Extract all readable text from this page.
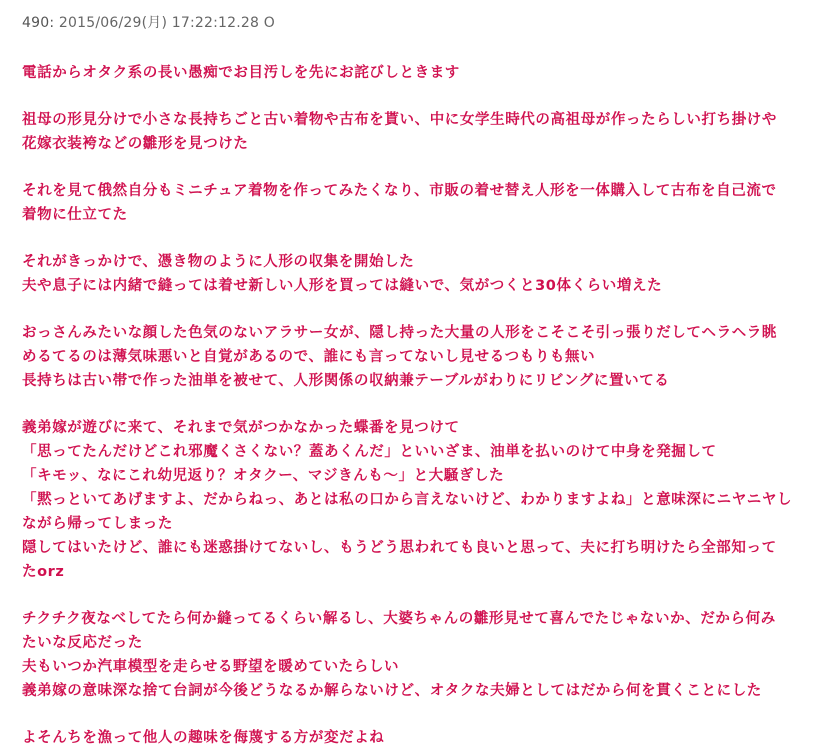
490: 2015/06/29(月) 17:22:12.28 O
電話からオタク系の長い愚痴でお目汚しを先にお詫びしときます
祖母の形見分けで小さな長持ちごと古い着物や古布を貰い、中に女学生時代の高祖母が作ったらしい打ち掛けや
花嫁衣装袴などの雛形を見つけた
それを見て俄然自分もミニチュア着物を作ってみたくなり、市販の着せ替え人形を一体購入して古布を自己流で
着物に仕立てた
それがきっかけで、憑き物のように人形の収集を開始した
夫や息子には内緒で縫っては着せ新しい人形を買っては縫いで、気がつくと30体くらい増えた
おっさんみたいな顔した色気のないアラサー女が、隠し持った大量の人形をこそこそ引っ張りだしてヘラヘラ眺
めるてるのは薄気味悪いと自覚があるので、誰にも言ってないし見せるつもりも無い
長持ちは古い帯で作った油単を被せて、人形関係の収納兼テーブルがわりにリビングに置いてる
義弟嫁が遊びに来て、それまで気がつかなかった蝶番を見つけて
「思ってたんだけどこれ邪魔くさくない？蓋あくんだ」といいざま、油単を払いのけて中身を発掘して
「キモッ、なにこれ幼児返り？オタクー、マジきんも～」と大騒ぎした
「黙っといてあげますよ、だからねっ、あとは私の口から言えないけど、わかりますよね」と意味深にニヤニヤし
ながら帰ってしまった
隠してはいたけど、誰にも迷惑掛けてないし、もうどう思われても良いと思って、夫に打ち明けたら全部知って
たorz
チクチク夜なべしてたら何か縫ってるくらい解るし、大婆ちゃんの雛形見せて喜んでたじゃないか、だから何み
たいな反応だった
夫もいつか汽車模型を走らせる野望を暖めていたらしい
義弟嫁の意味深な捨て台詞が今後どうなるか解らないけど、オタクな夫婦としてはだから何を貫くことにした
よそんちを漁って他人の趣味を侮蔑する方が変だよね
